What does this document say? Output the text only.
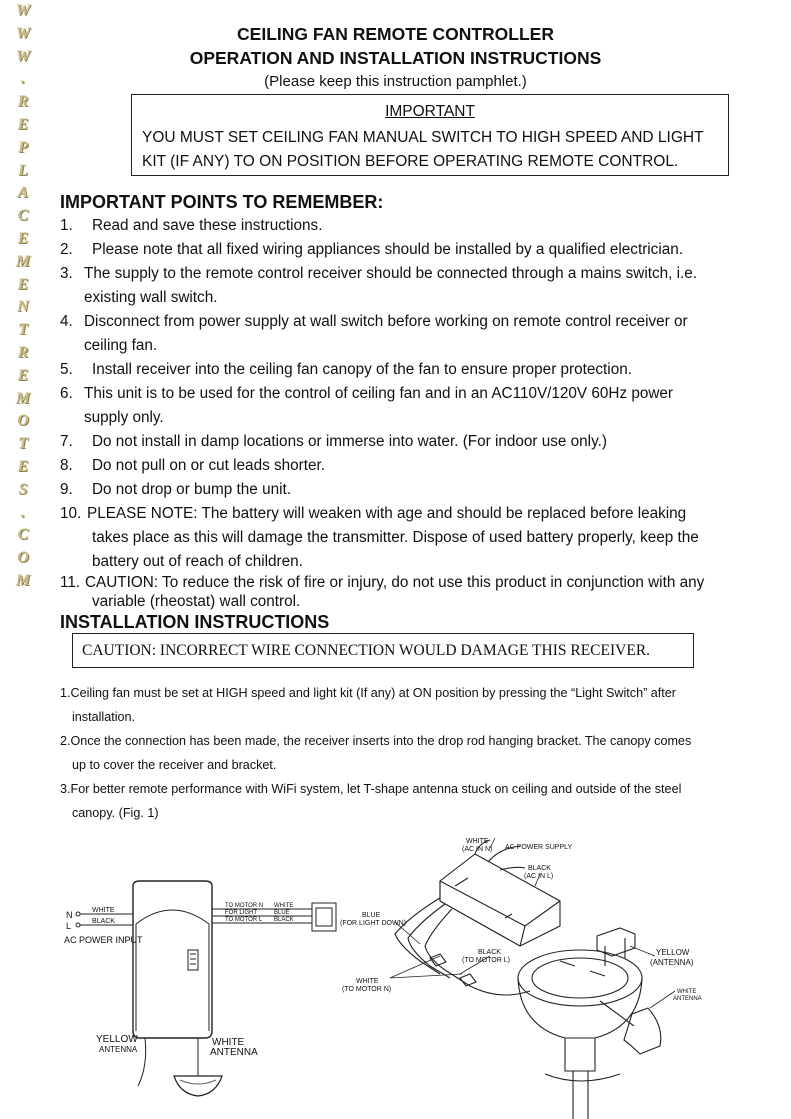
W
W
W
.
R
E
P
L
A
C
E
M
E
N
T
R
E
M
O
T
E
S
.
C
O
M
CEILING FAN REMOTE CONTROLLER
OPERATION AND INSTALLATION INSTRUCTIONS
(Please keep this instruction pamphlet.)
IMPORTANT
YOU MUST SET CEILING FAN MANUAL SWITCH TO HIGH SPEED AND LIGHT KIT (IF ANY) TO ON POSITION BEFORE OPERATING REMOTE CONTROL.
IMPORTANT POINTS TO REMEMBER:
1. Read and save these instructions.
2. Please note that all fixed wiring appliances should be installed by a qualified electrician.
3. The supply to the remote control receiver should be connected through a mains switch, i.e.
existing wall switch.
4. Disconnect from power supply at wall switch before working on remote control receiver or
ceiling fan.
5. Install receiver into the ceiling fan canopy of the fan to ensure proper protection.
6. This unit is to be used for the control of ceiling fan and in an AC110V/120V 60Hz power
supply only.
7. Do not install in damp locations or immerse into water. (For indoor use only.)
8. Do not pull on or cut leads shorter.
9. Do not drop or bump the unit.
10. PLEASE NOTE: The battery will weaken with age and should be replaced before leaking
takes place as this will damage the transmitter. Dispose of used battery properly, keep the
battery out of reach of children.
11. CAUTION: To reduce the risk of fire or injury, do not use this product in conjunction with any
variable (rheostat) wall control.
INSTALLATION INSTRUCTIONS
CAUTION: INCORRECT WIRE CONNECTION WOULD DAMAGE THIS RECEIVER.
1.Ceiling fan must be set at HIGH speed and light kit (If any) at ON position by pressing the “Light Switch” after
installation.
2.Once the connection has been made, the receiver inserts into the drop rod hanging bracket. The canopy comes
up to cover the receiver and bracket.
3.For better remote performance with WiFi system, let T-shape antenna stuck on ceiling and outside of the steel
canopy. (Fig. 1)
N
L
WHITE
BLACK
AC POWER INPUT
TO MOTOR N
FOR LIGHT
TO MOTOR L
WHITE
BLUE
BLACK
YELLOW
ANTENNA
WHITE
ANTENNA
WHITE
(AC IN N) AC POWER SUPPLY
BLACK
(AC IN L)
BLUE
(FOR LIGHT DOWN)
BLACK
(TO MOTOR L)
WHITE
(TO MOTOR N)
YELLOW
(ANTENNA)
WHITE
ANTENNA
